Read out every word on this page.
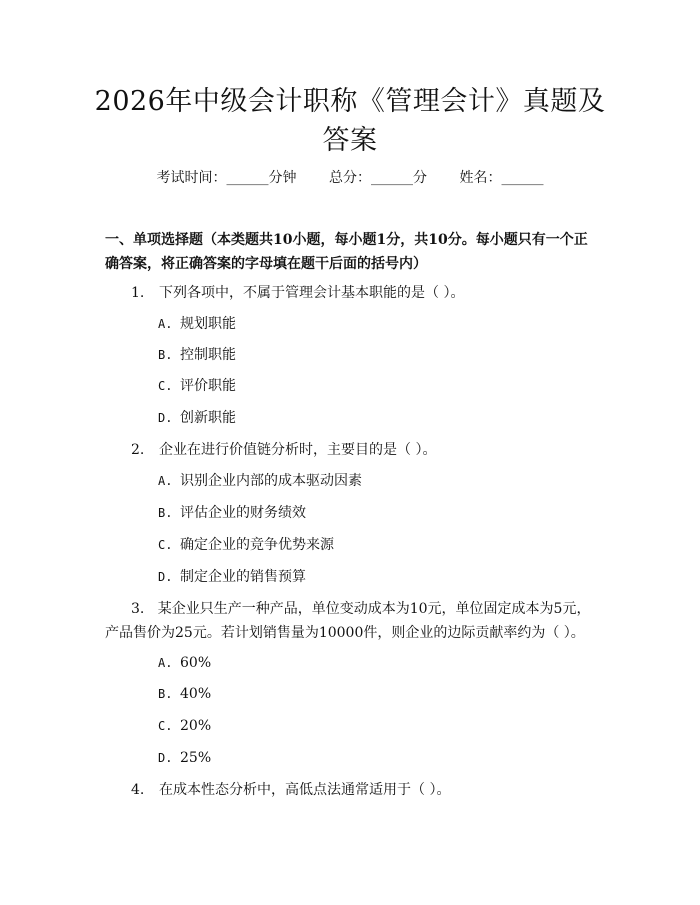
2026年中级会计职称《管理会计》真题及答案
考试时间：______分钟 总分：______分 姓名：______
一、单项选择题（本类题共10小题，每小题1分，共10分。每小题只有一个正确答案，将正确答案的字母填在题干后面的括号内）
1. 下列各项中，不属于管理会计基本职能的是（ ）。
A. 规划职能
B. 控制职能
C. 评价职能
D. 创新职能
2. 企业在进行价值链分析时，主要目的是（ ）。
A. 识别企业内部的成本驱动因素
B. 评估企业的财务绩效
C. 确定企业的竞争优势来源
D. 制定企业的销售预算
3. 某企业只生产一种产品，单位变动成本为10元，单位固定成本为5元，产品售价为25元。若计划销售量为10000件，则企业的边际贡献率约为（ ）。
A. 60%
B. 40%
C. 20%
D. 25%
4. 在成本性态分析中，高低点法通常适用于（ ）。
